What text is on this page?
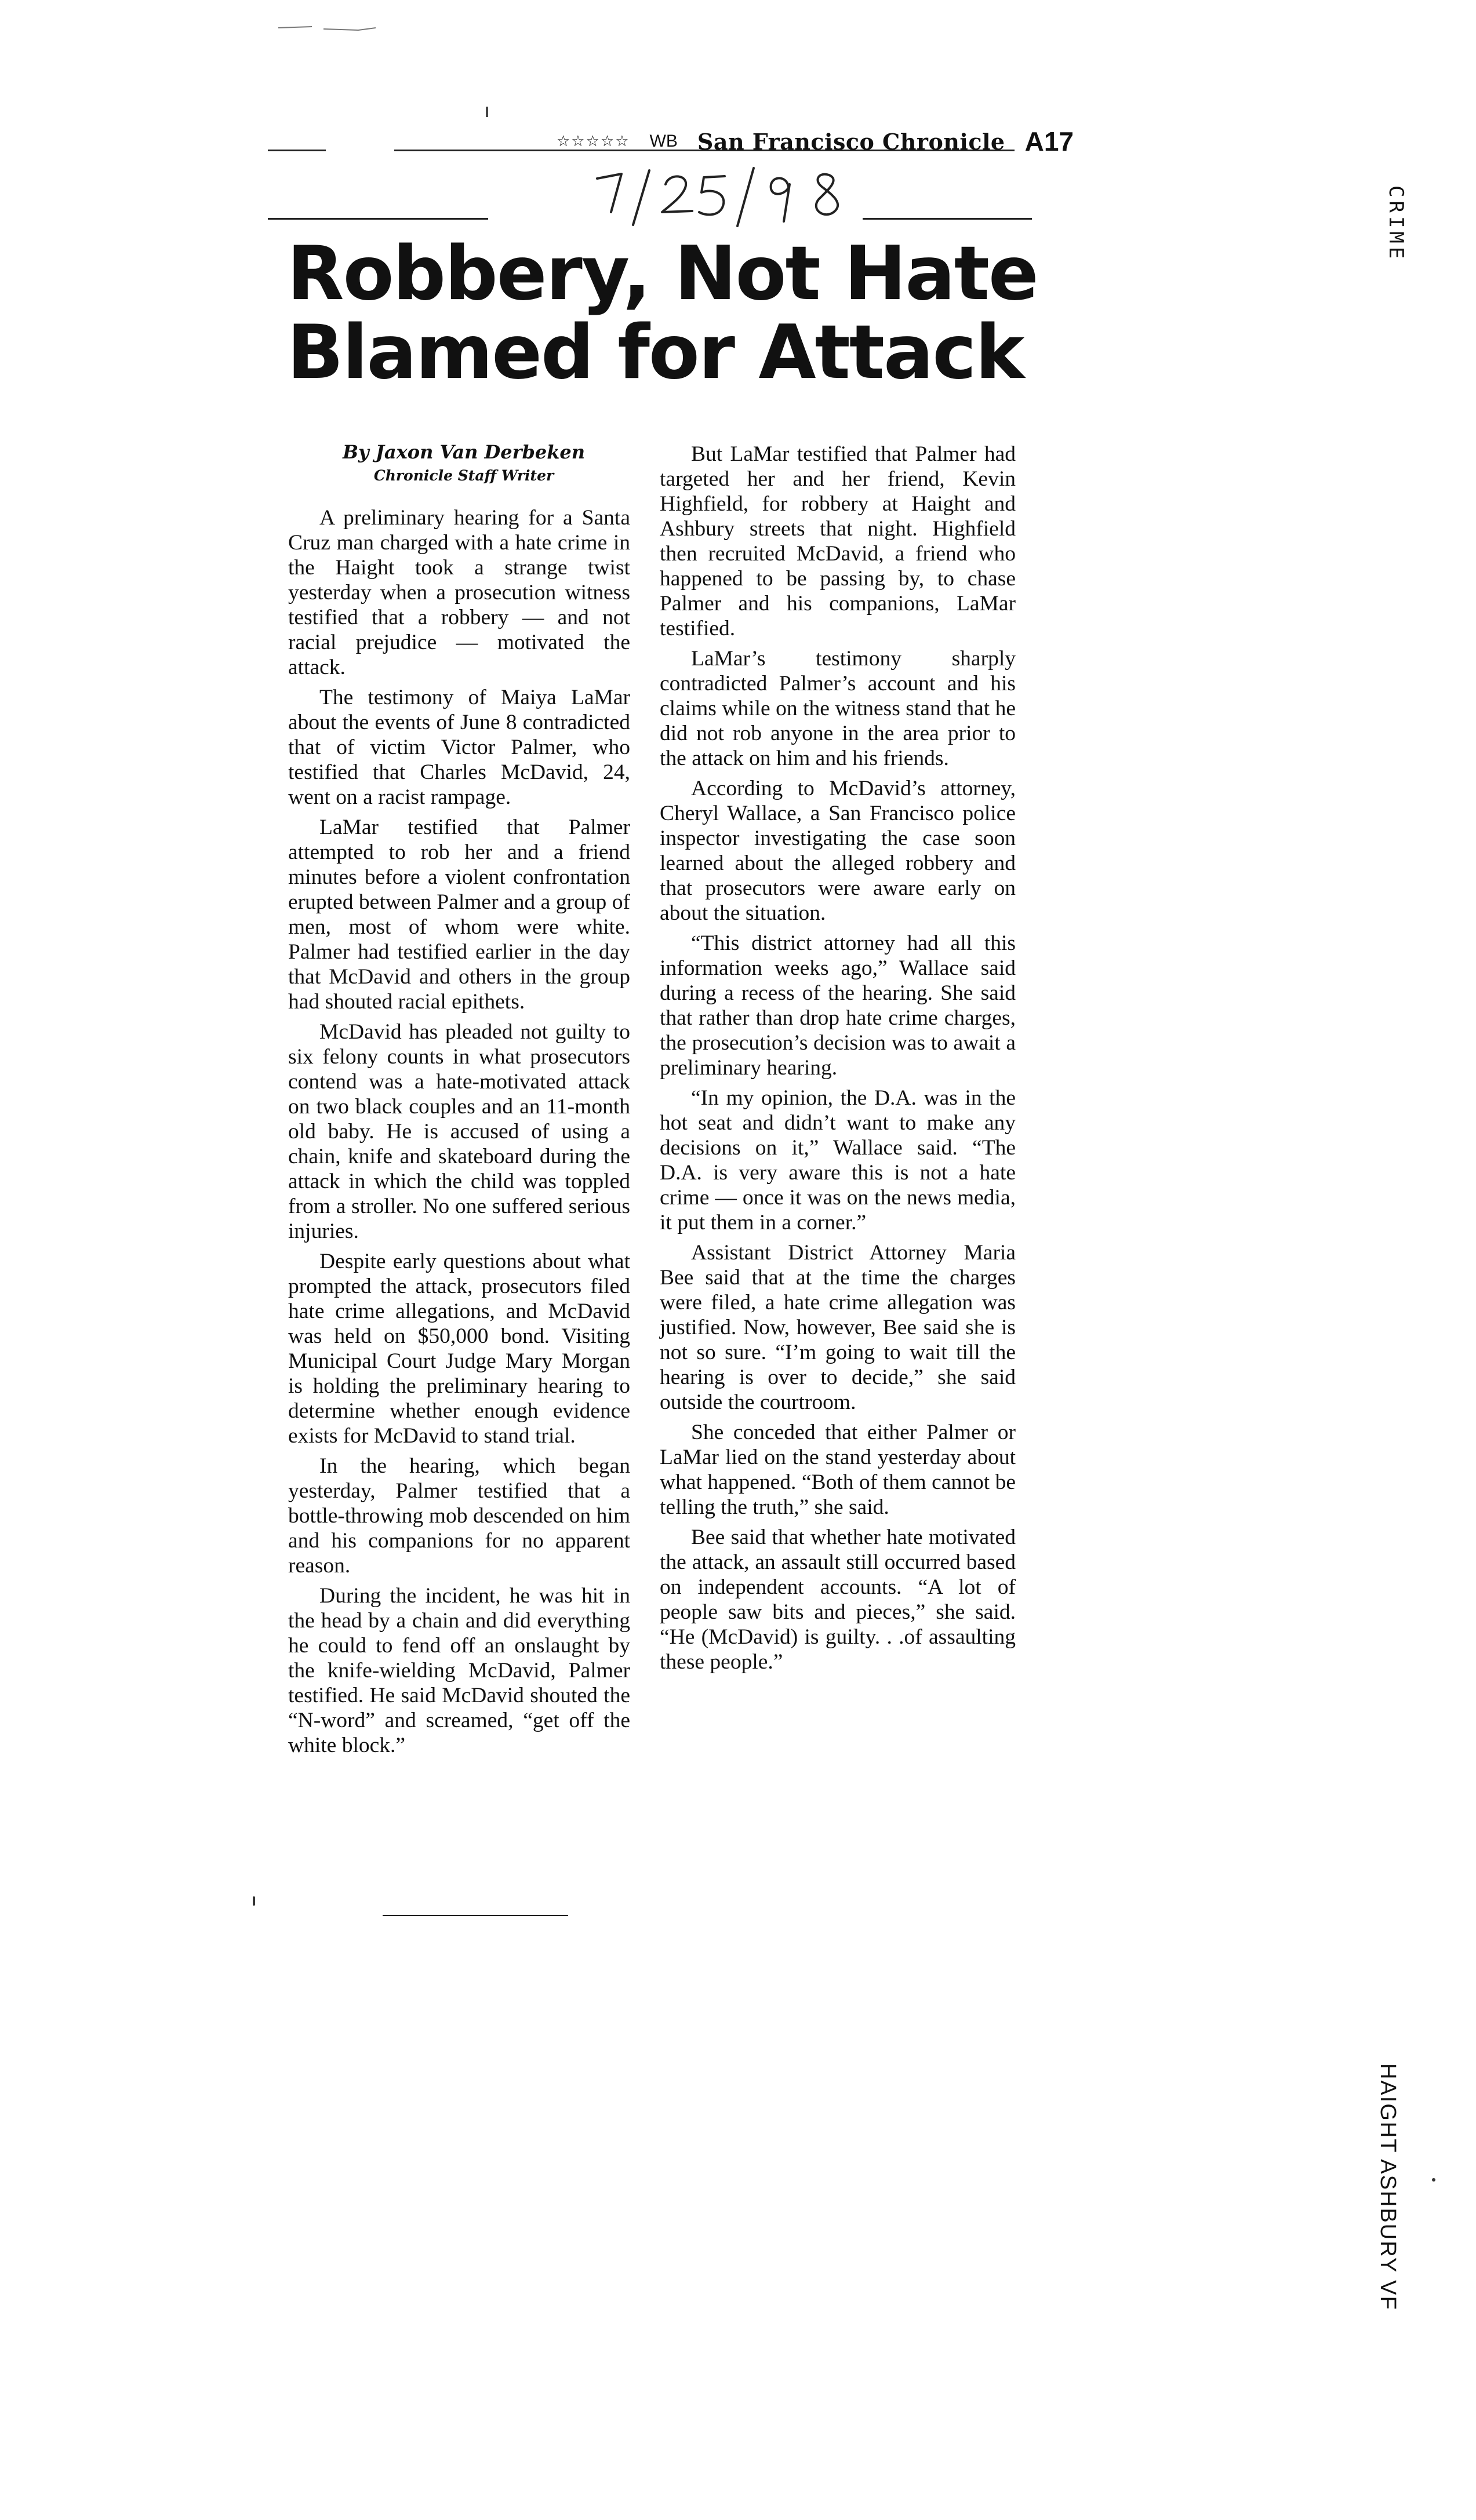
☆☆☆☆☆ WB San Francisco Chronicle A17
Robbery, Not Hate
Blamed for Attack
By Jaxon Van Derbeken
Chronicle Staff Writer

A preliminary hearing for a Santa Cruz man charged with a hate crime in the Haight took a strange twist yesterday when a prosecution witness testified that a robbery — and not racial prejudice — motivated the attack.

The testimony of Maiya LaMar about the events of June 8 contradicted that of victim Victor Palmer, who testified that Charles McDavid, 24, went on a racist rampage.

LaMar testified that Palmer attempted to rob her and a friend minutes before a violent confrontation erupted between Palmer and a group of men, most of whom were white. Palmer had testified earlier in the day that McDavid and others in the group had shouted racial epithets.

McDavid has pleaded not guilty to six felony counts in what prosecutors contend was a hate-motivated attack on two black couples and an 11-month old baby. He is accused of using a chain, knife and skateboard during the attack in which the child was toppled from a stroller. No one suffered serious injuries.

Despite early questions about what prompted the attack, prosecutors filed hate crime allegations, and McDavid was held on $50,000 bond. Visiting Municipal Court Judge Mary Morgan is holding the preliminary hearing to determine whether enough evidence exists for McDavid to stand trial.

In the hearing, which began yesterday, Palmer testified that a bottle-throwing mob descended on him and his companions for no apparent reason.

During the incident, he was hit in the head by a chain and did everything he could to fend off an onslaught by the knife-wielding McDavid, Palmer testified. He said McDavid shouted the “N-word” and screamed, “get off the white block.”

But LaMar testified that Palmer had targeted her and her friend, Kevin Highfield, for robbery at Haight and Ashbury streets that night. Highfield then recruited McDavid, a friend who happened to be passing by, to chase Palmer and his companions, LaMar testified.

LaMar’s testimony sharply contradicted Palmer’s account and his claims while on the witness stand that he did not rob anyone in the area prior to the attack on him and his friends.

According to McDavid’s attorney, Cheryl Wallace, a San Francisco police inspector investigating the case soon learned about the alleged robbery and that prosecutors were aware early on about the situation.

“This district attorney had all this information weeks ago,” Wallace said during a recess of the hearing. She said that rather than drop hate crime charges, the prosecution’s decision was to await a preliminary hearing.

“In my opinion, the D.A. was in the hot seat and didn’t want to make any decisions on it,” Wallace said. “The D.A. is very aware this is not a hate crime — once it was on the news media, it put them in a corner.”

Assistant District Attorney Maria Bee said that at the time the charges were filed, a hate crime allegation was justified. Now, however, Bee said she is not so sure. “I’m going to wait till the hearing is over to decide,” she said outside the courtroom.

She conceded that either Palmer or LaMar lied on the stand yesterday about what happened. “Both of them cannot be telling the truth,” she said.

Bee said that whether hate motivated the attack, an assault still occurred based on independent accounts. “A lot of people saw bits and pieces,” she said. “He (McDavid) is guilty. . .of assaulting these people.”

CRIME
HAIGHT ASHBURY VF
